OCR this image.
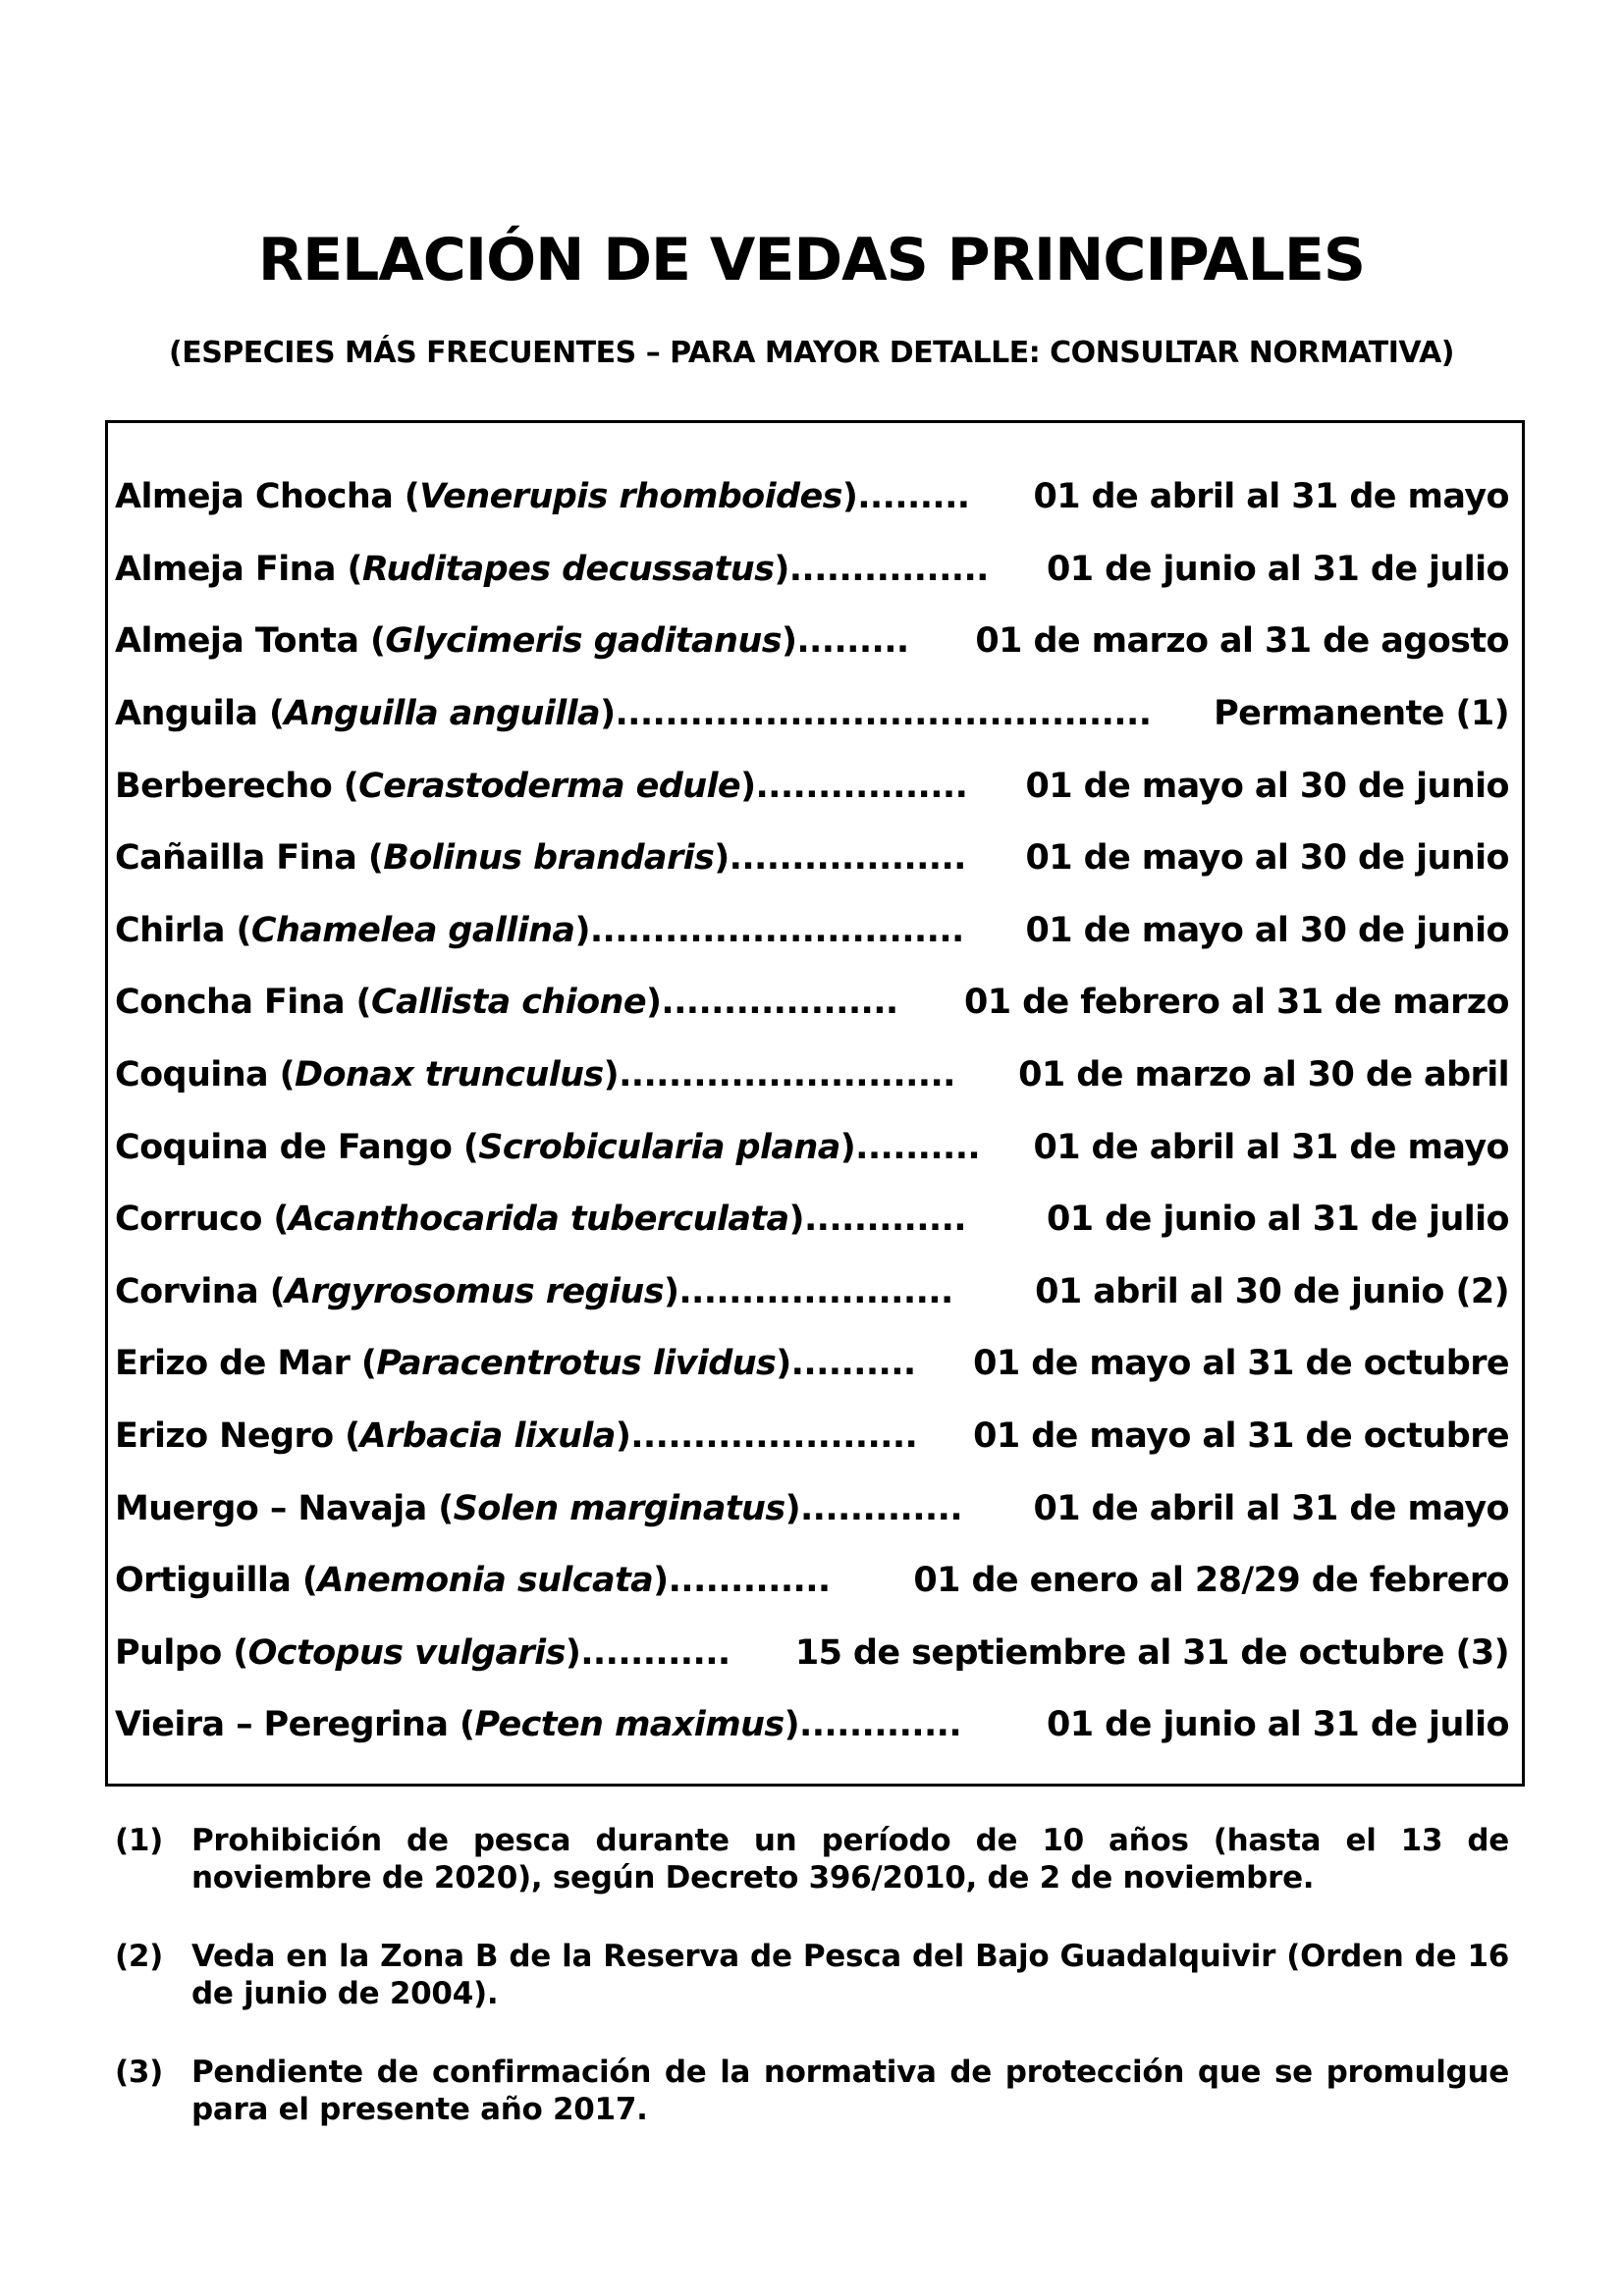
RELACIÓN DE VEDAS PRINCIPALES
(ESPECIES MÁS FRECUENTES – PARA MAYOR DETALLE: CONSULTAR NORMATIVA)
Almeja Chocha ( Venerupis rhomboides ) ......... 01 de abril al 31 de mayo
Almeja Fina ( Ruditapes decussatus ) ................ 01 de junio al 31 de julio
Almeja Tonta ( Glycimeris gaditanus ) ......... 01 de marzo al 31 de agosto
Anguila ( Anguilla anguilla ) ........................................... Permanente (1)
Berberecho ( Cerastoderma edule ) ................. 01 de mayo al 30 de junio
Cañailla Fina ( Bolinus brandaris ) ................... 01 de mayo al 30 de junio
Chirla ( Chamelea gallina ) .............................. 01 de mayo al 30 de junio
Concha Fina ( Callista chione ) ................... 01 de febrero al 31 de marzo
Coquina ( Donax trunculus ) ........................... 01 de marzo al 30 de abril
Coquina de Fango ( Scrobicularia plana ) .......... 01 de abril al 31 de mayo
Corruco ( Acanthocarida tuberculata ) ............. 01 de junio al 31 de julio
Corvina ( Argyrosomus regius ) ...................... 01 abril al 30 de junio (2)
Erizo de Mar ( Paracentrotus lividus ) .......... 01 de mayo al 31 de octubre
Erizo Negro ( Arbacia lixula ) ....................... 01 de mayo al 31 de octubre
Muergo – Navaja ( Solen marginatus ) ............. 01 de abril al 31 de mayo
Ortiguilla ( Anemonia sulcata ) ............. 01 de enero al 28/29 de febrero
Pulpo ( Octopus vulgaris ) ............ 15 de septiembre al 31 de octubre (3)
Vieira – Peregrina ( Pecten maximus ) ............. 01 de junio al 31 de julio
(1) Prohibición de pesca durante un período de 10 años (hasta el 13 de noviembre de 2020), según Decreto 396/2010, de 2 de noviembre.
(2) Veda en la Zona B de la Reserva de Pesca del Bajo Guadalquivir (Orden de 16 de junio de 2004).
(3) Pendiente de confirmación de la normativa de protección que se promulgue para el presente año 2017.
